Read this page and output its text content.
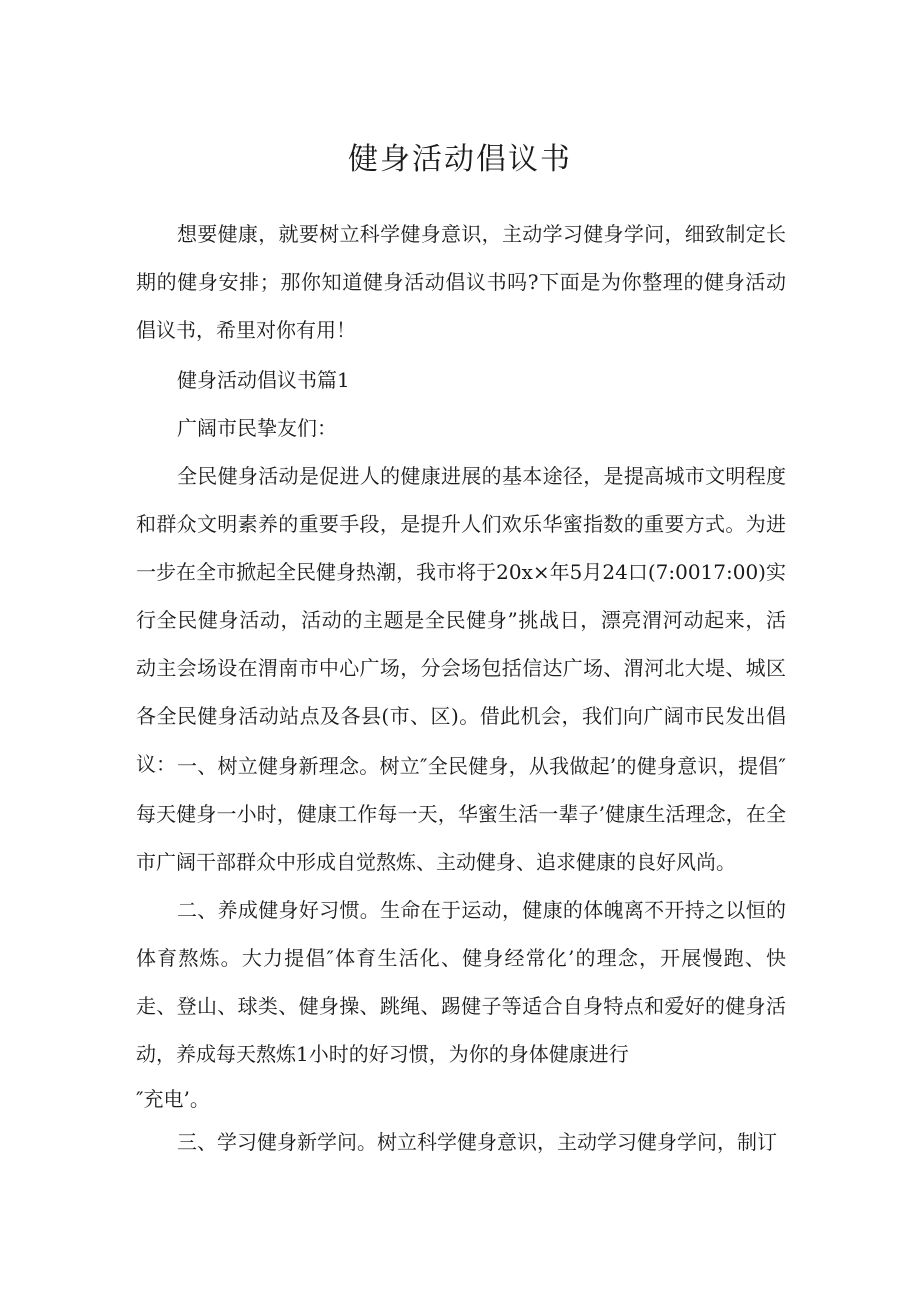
健身活动倡议书

想要健康，就要树立科学健身意识，主动学习健身学问，细致制定长期的健身安排；那你知道健身活动倡议书吗?下面是为你整理的健身活动倡议书，希里对你有用！

健身活动倡议书篇1

广阔市民挚友们：

全民健身活动是促进人的健康进展的基本途径，是提高城市文明程度和群众文明素养的重要手段，是提升人们欢乐华蜜指数的重要方式。为进一步在全市掀起全民健身热潮，我市将于20x×年5月24口(7:0017:00)实行全民健身活动，活动的主题是全民健身”挑战日，漂亮渭河动起来，活动主会场设在渭南市中心广场，分会场包括信达广场、渭河北大堤、城区各全民健身活动站点及各县(市、区)。借此机会，我们向广阔市民发出倡议： 一、树立健身新理念。树立″全民健身，从我做起’的健身意识，提倡″每天健身一小时，健康工作每一天，华蜜生活一辈子’健康生活理念，在全市广阔干部群众中形成自觉熬炼、主动健身、追求健康的良好风尚。

二、养成健身好习惯。生命在于运动，健康的体魄离不开持之以恒的体育熬炼。大力提倡″体育生活化、健身经常化’的理念，开展慢跑、快走、登山、球类、健身操、跳绳、踢健子等适合自身特点和爱好的健身活动，养成每天熬炼1小时的好习惯，为你的身体健康进行

″充电’。

三、学习健身新学问。树立科学健身意识，主动学习健身学问，制订
